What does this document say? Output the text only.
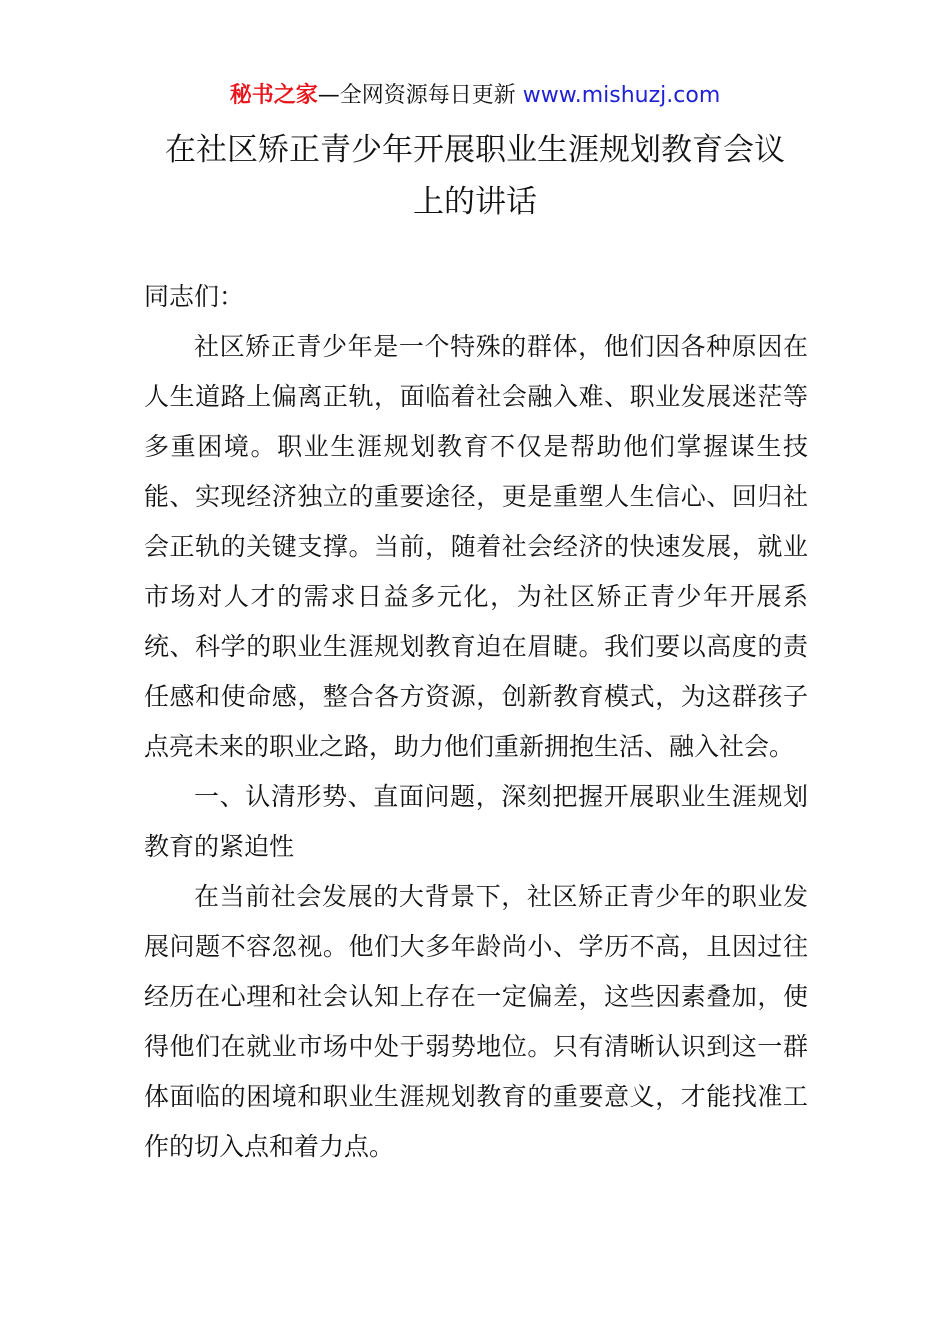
秘书之家—全网资源每日更新 www.mishuzj.com
在社区矫正青少年开展职业生涯规划教育会议
上的讲话

同志们：

社区矫正青少年是一个特殊的群体，他们因各种原因在人生道路上偏离正轨，面临着社会融入难、职业发展迷茫等多重困境。职业生涯规划教育不仅是帮助他们掌握谋生技能、实现经济独立的重要途径，更是重塑人生信心、回归社会正轨的关键支撑。当前，随着社会经济的快速发展，就业市场对人才的需求日益多元化，为社区矫正青少年开展系统、科学的职业生涯规划教育迫在眉睫。我们要以高度的责任感和使命感，整合各方资源，创新教育模式，为这群孩子点亮未来的职业之路，助力他们重新拥抱生活、融入社会。

一、认清形势、直面问题，深刻把握开展职业生涯规划教育的紧迫性

在当前社会发展的大背景下，社区矫正青少年的职业发展问题不容忽视。他们大多年龄尚小、学历不高，且因过往经历在心理和社会认知上存在一定偏差，这些因素叠加，使得他们在就业市场中处于弱势地位。只有清晰认识到这一群体面临的困境和职业生涯规划教育的重要意义，才能找准工作的切入点和着力点。
